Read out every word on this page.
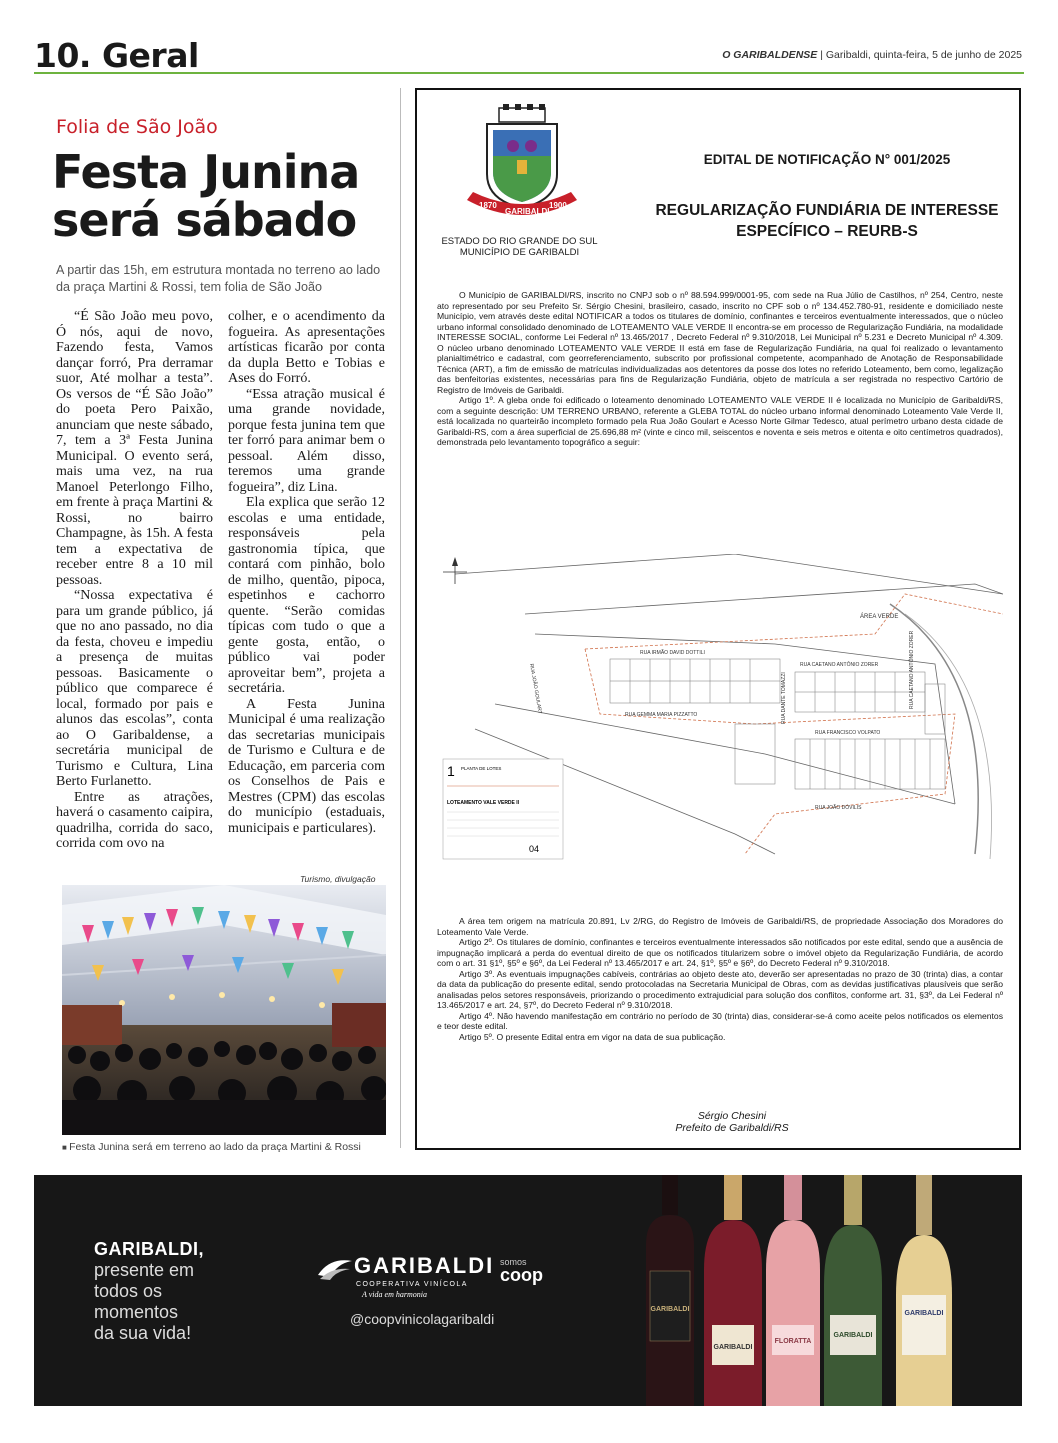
10. Geral	O GARIBALDENSE | Garibaldi, quinta-feira, 5 de junho de 2025
Folia de São João
Festa Junina será sábado
A partir das 15h, em estrutura montada no terreno ao lado da praça Martini & Rossi, tem folia de São João

“É São João meu povo, Ó nós, aqui de novo, Fazendo festa, Vamos dançar forró, Pra derramar suor, Até molhar a testa”. Os versos de “É São João” do poeta Pero Paixão, anunciam que neste sábado, 7, tem a 3ª Festa Junina Municipal. O evento será, mais uma vez, na rua Manoel Peterlongo Filho, em frente à praça Martini & Rossi, no bairro Champagne, às 15h. A festa tem a expectativa de receber entre 8 a 10 mil pessoas.

“Nossa expectativa é para um grande público, já que no ano passado, no dia da festa, choveu e impediu a presença de muitas pessoas. Basicamente o público que comparece é local, formado por pais e alunos das escolas”, conta ao O Garibaldense, a secretária municipal de Turismo e Cultura, Lina Berto Furlanetto.

Entre as atrações, haverá o casamento caipira, quadrilha, corrida do saco, corrida com ovo na

colher, e o acendimento da fogueira. As apresentações artísticas ficarão por conta da dupla Betto e Tobias e Ases do Forró.

“Essa atração musical é uma grande novidade, porque festa junina tem que ter forró para animar bem o pessoal. Além disso, teremos uma grande fogueira”, diz Lina.

Ela explica que serão 12 escolas e uma entidade, responsáveis pela gastronomia típica, que contará com pinhão, bolo de milho, quentão, pipoca, espetinhos e cachorro quente. “Serão comidas típicas com tudo o que a gente gosta, então, o público vai poder aproveitar bem”, projeta a secretária.

A Festa Junina Municipal é uma realização das secretarias municipais de Turismo e Cultura e de Educação, em parceria com os Conselhos de Pais e Mestres (CPM) das escolas do município (estaduais, municipais e particulares).

Turismo, divulgação
■ Festa Junina será em terreno ao lado da praça Martini & Rossi
1870
GARIBALDI
1900
ESTADO DO RIO GRANDE DO SUL
MUNICÍPIO DE GARIBALDI
EDITAL DE NOTIFICAÇÃO N° 001/2025
REGULARIZAÇÃO FUNDIÁRIA DE INTERESSE ESPECÍFICO – REURB-S

O Município de GARIBALDI/RS, inscrito no CNPJ sob o nº 88.594.999/0001-95, com sede na Rua Júlio de Castilhos, nº 254, Centro, neste ato representado por seu Prefeito Sr. Sérgio Chesini, brasileiro, casado, inscrito no CPF sob o nº 134.452.780-91, residente e domiciliado neste Município, vem através deste edital NOTIFICAR a todos os titulares de domínio, confinantes e terceiros eventualmente interessados, que o núcleo urbano informal consolidado denominado de LOTEAMENTO VALE VERDE II encontra-se em processo de Regularização Fundiária, na modalidade INTERESSE SOCIAL, conforme Lei Federal nº 13.465/2017 , Decreto Federal nº 9.310/2018, Lei Municipal nº 5.231 e Decreto Municipal nº 4.309. O núcleo urbano denominado LOTEAMENTO VALE VERDE II está em fase de Regularização Fundiária, na qual foi realizado o levantamento planialtimétrico e cadastral, com georreferenciamento, subscrito por profissional competente, acompanhado de Anotação de Responsabilidade Técnica (ART), a fim de emissão de matrículas individualizadas aos detentores da posse dos lotes no referido Loteamento, bem como, legalização das benfeitorias existentes, necessárias para fins de Regularização Fundiária, objeto de matrícula a ser registrada no respectivo Cartório de Registro de Imóveis de Garibaldi.

Artigo 1º. A gleba onde foi edificado o loteamento denominado LOTEAMENTO VALE VERDE II é localizada no Município de Garibaldi/RS, com a seguinte descrição: UM TERRENO URBANO, referente a GLEBA TOTAL do núcleo urbano informal denominado Loteamento Vale Verde II, está localizada no quarteirão incompleto formado pela Rua João Goulart e Acesso Norte Gilmar Tedesco, atual perímetro urbano desta cidade de Garibaldi-RS, com a área superficial de 25.696,88 m² (vinte e cinco mil, seiscentos e noventa e seis metros e oitenta e oito centímetros quadrados), demonstrada pelo levantamento topográfico a seguir:

RUA IRMÃO DAVID DOTTILI
RUA CAETANO ANTÔNIO ZORER
RUA GEMMA MARIA PIZZATTO
RUA FRANCISCO VOLPATO
RUA JOÃO DÓVILIS
RUA JOÃO GOULART	RUA DANTE TOMAZZI	RUA CAETANO ANTÔNIO ZORER
ÁREA VERDE
1 PLANTA DE LOTES
LOTEAMENTO VALE VERDE II
04

A área tem origem na matrícula 20.891, Lv 2/RG, do Registro de Imóveis de Garibaldi/RS, de propriedade Associação dos Moradores do Loteamento Vale Verde.

Artigo 2º. Os titulares de domínio, confinantes e terceiros eventualmente interessados são notificados por este edital, sendo que a ausência de impugnação implicará a perda do eventual direito de que os notificados titularizem sobre o imóvel objeto da Regularização Fundiária, de acordo com o art. 31 §1º, §5º e §6º, da Lei Federal nº 13.465/2017 e art. 24, §1º, §5º e §6º, do Decreto Federal nº 9.310/2018.

Artigo 3º. As eventuais impugnações cabíveis, contrárias ao objeto deste ato, deverão ser apresentadas no prazo de 30 (trinta) dias, a contar da data da publicação do presente edital, sendo protocoladas na Secretaria Municipal de Obras, com as devidas justificativas plausíveis que serão analisadas pelos setores responsáveis, priorizando o procedimento extrajudicial para solução dos conflitos, conforme art. 31, §3º, da Lei Federal nº 13.465/2017 e art. 24, §7º, do Decreto Federal nº 9.310/2018.

Artigo 4º. Não havendo manifestação em contrário no período de 30 (trinta) dias, considerar-se-á como aceite pelos notificados os elementos e teor deste edital.

Artigo 5º. O presente Edital entra em vigor na data de sua publicação.

Sérgio Chesini
Prefeito de Garibaldi/RS
GARIBALDI,
presente em
todos os
momentos
da sua vida!
GARIBALDI
COOPERATIVA VINÍCOLA
A vida em harmonia
somos
coop
@coopvinicolagaribaldi
GARIBALDI
GARIBALDI
FLORATTA
GARIBALDI
GARIBALDI
